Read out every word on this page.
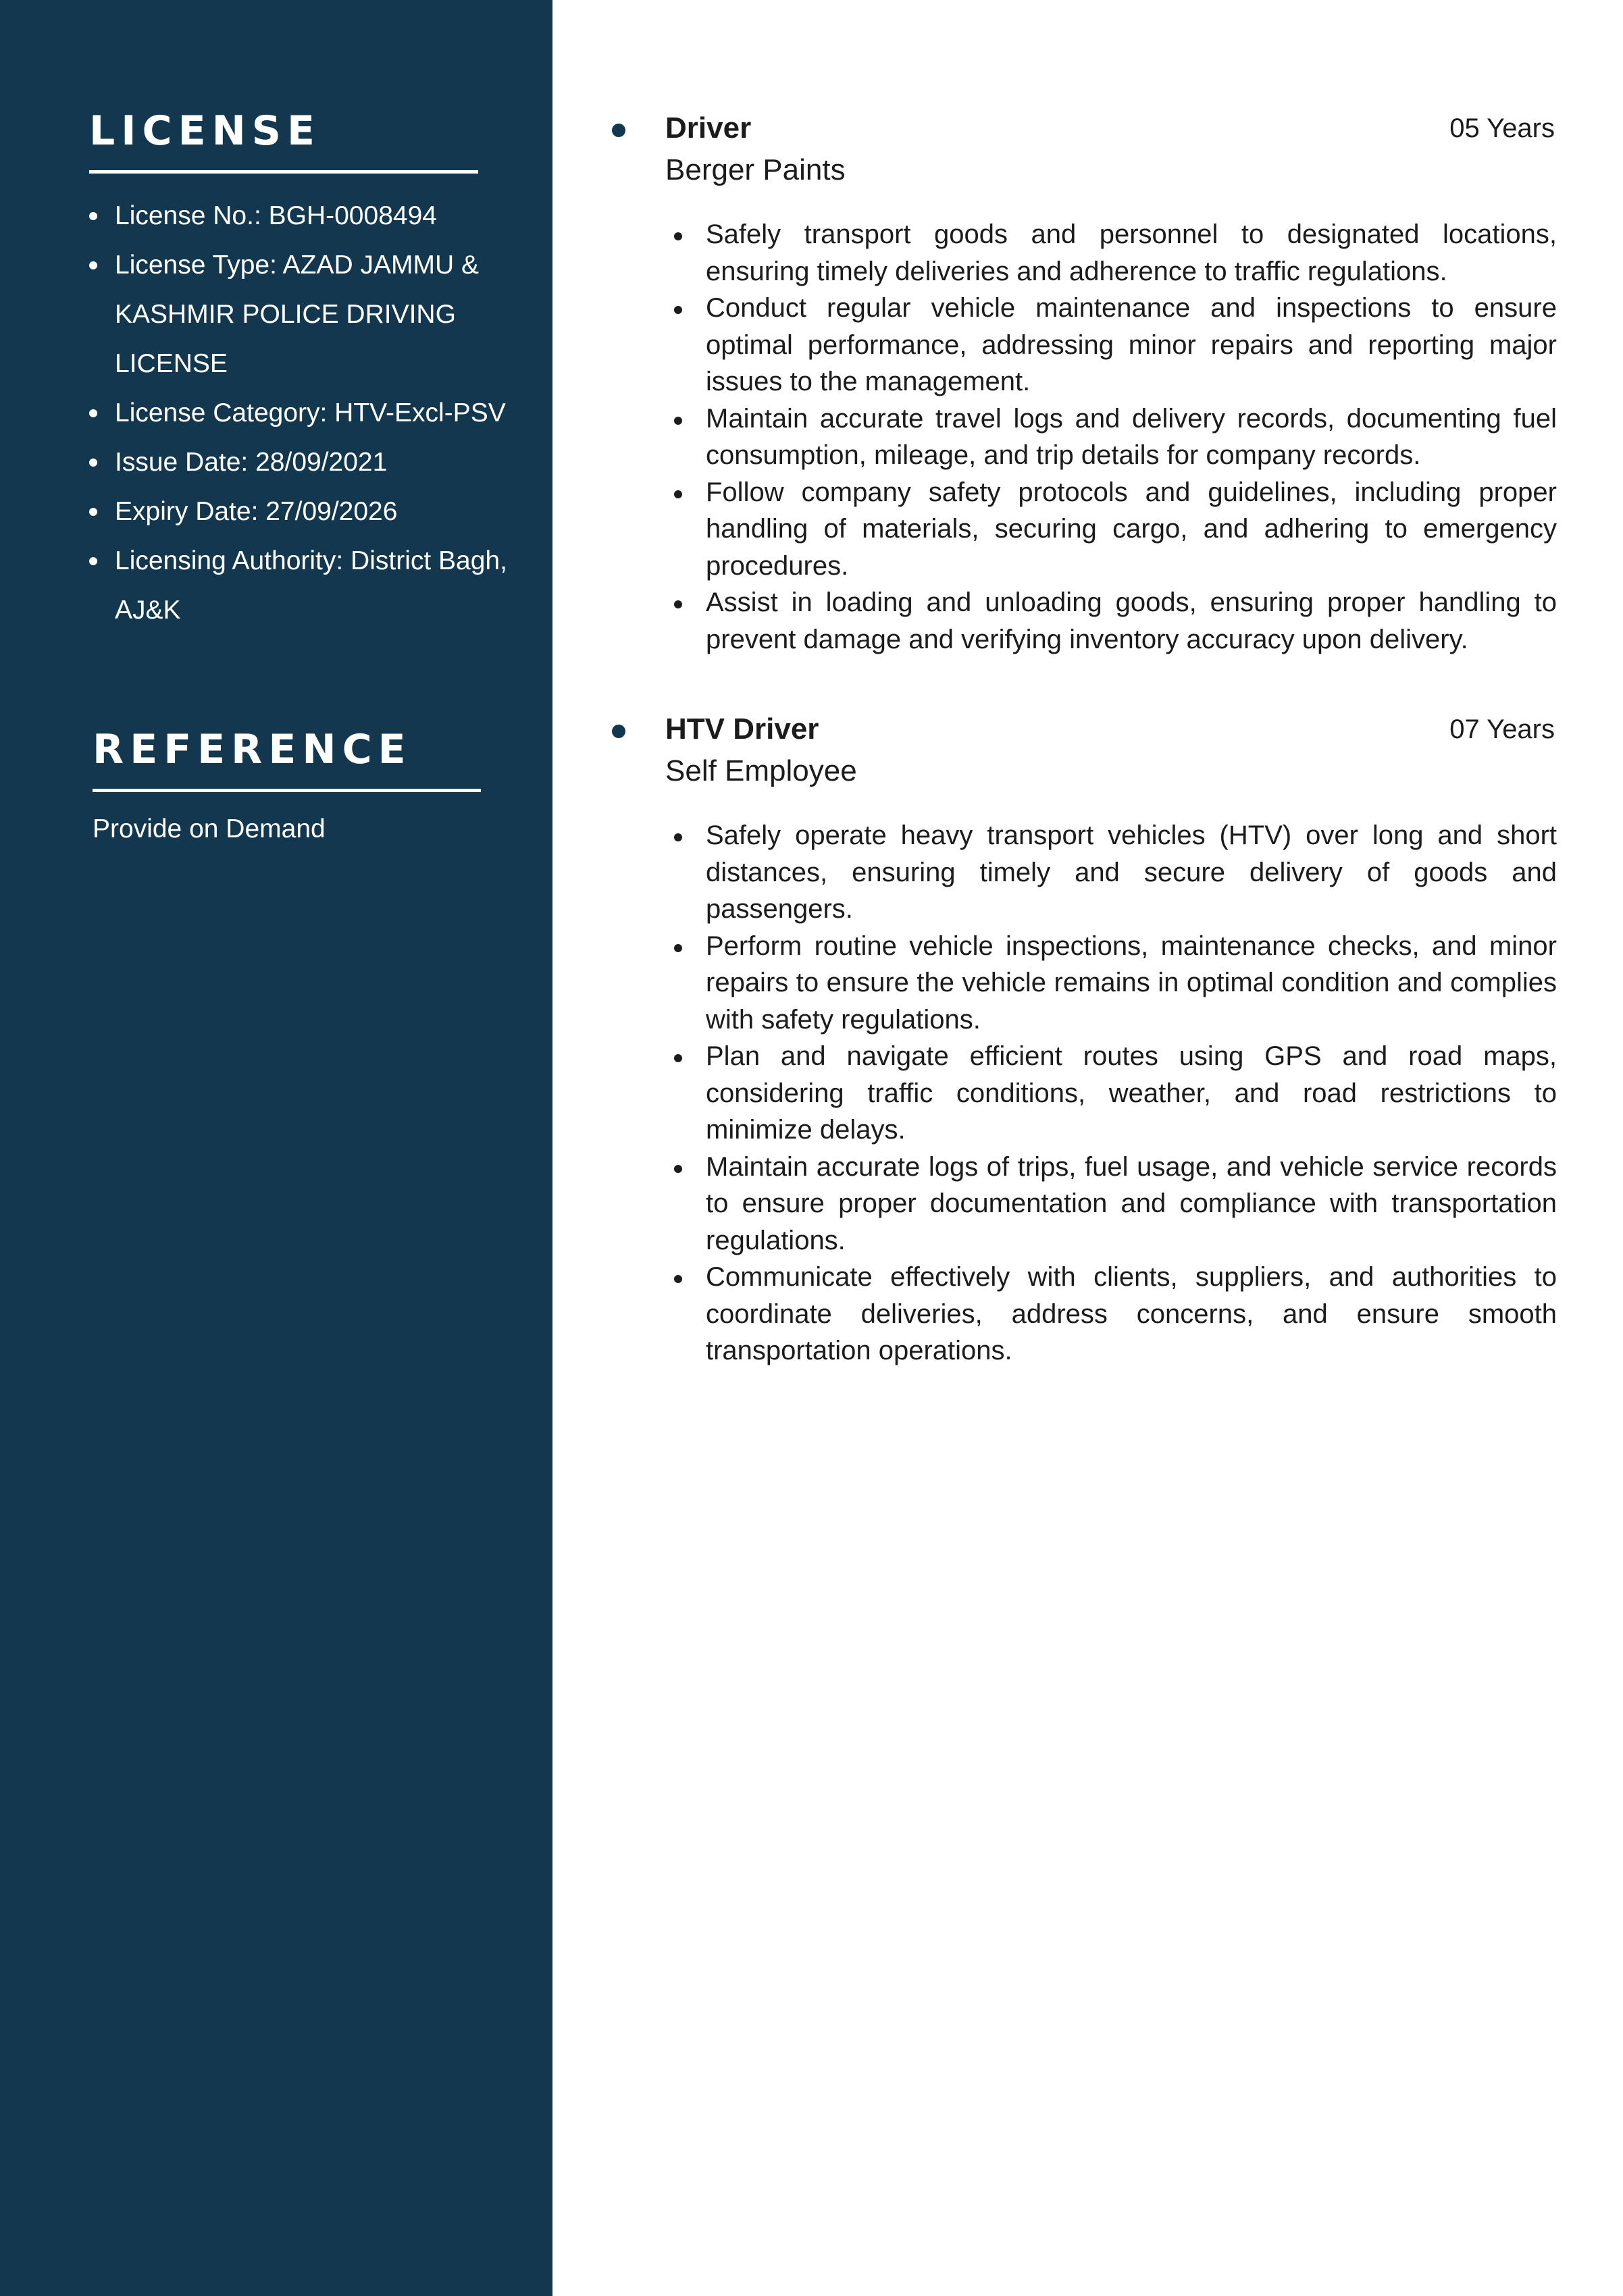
LICENSE
License No.: BGH-0008494
License Type: AZAD JAMMU & KASHMIR POLICE DRIVING LICENSE
License Category: HTV-Excl-PSV
Issue Date: 28/09/2021
Expiry Date: 27/09/2026
Licensing Authority: District Bagh, AJ&K
REFERENCE
Provide on Demand
Driver	05 Years
Berger Paints
Safely transport goods and personnel to designated locations, ensuring timely deliveries and adherence to traffic regulations.
Conduct regular vehicle maintenance and inspections to ensure optimal performance, addressing minor repairs and reporting major issues to the management.
Maintain accurate travel logs and delivery records, documenting fuel consumption, mileage, and trip details for company records.
Follow company safety protocols and guidelines, including proper handling of materials, securing cargo, and adhering to emergency procedures.
Assist in loading and unloading goods, ensuring proper handling to prevent damage and verifying inventory accuracy upon delivery.
HTV Driver	07 Years
Self Employee
Safely operate heavy transport vehicles (HTV) over long and short distances, ensuring timely and secure delivery of goods and passengers.
Perform routine vehicle inspections, maintenance checks, and minor repairs to ensure the vehicle remains in optimal condition and complies with safety regulations.
Plan and navigate efficient routes using GPS and road maps, considering traffic conditions, weather, and road restrictions to minimize delays.
Maintain accurate logs of trips, fuel usage, and vehicle service records to ensure proper documentation and compliance with transportation regulations.
Communicate effectively with clients, suppliers, and authorities to coordinate deliveries, address concerns, and ensure smooth transportation operations.
